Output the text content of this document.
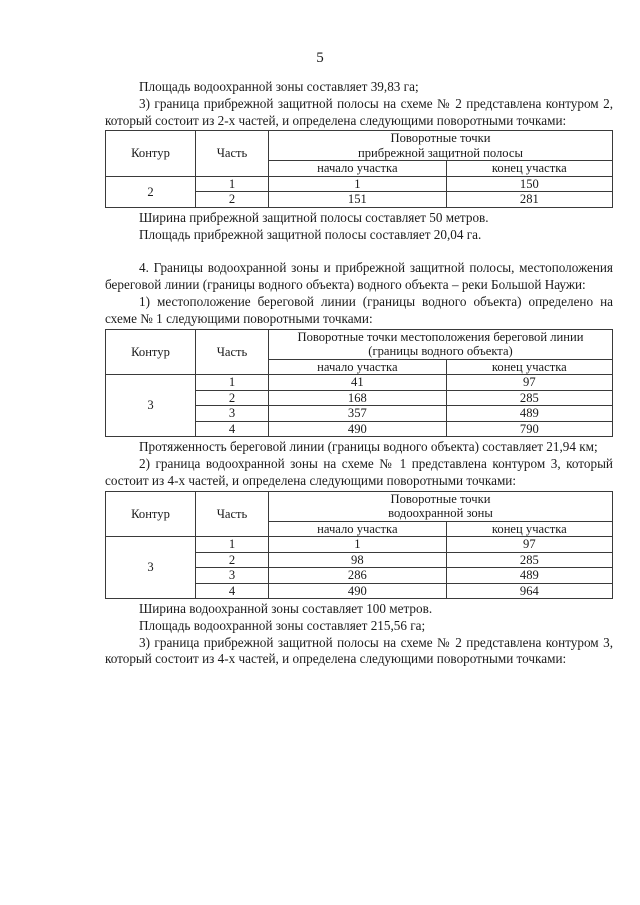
5

Площадь водоохранной зоны составляет 39,83 га;

3) граница прибрежной защитной полосы на схеме № 2 представлена контуром 2, который состоит из 2-х частей, и определена следующими поворотными точками:

Контур	Часть	Поворотные точки
прибрежной защитной полосы	
		начало участка	конец участка
2	1	1	150
	2	151	281

Ширина прибрежной защитной полосы составляет 50 метров.

Площадь прибрежной защитной полосы составляет 20,04 га.

4. Границы водоохранной зоны и прибрежной защитной полосы, местоположения береговой линии (границы водного объекта) водного объекта – реки Большой Наужи:

1) местоположение береговой линии (границы водного объекта) определено на схеме № 1 следующими поворотными точками:

Контур	Часть	Поворотные точки местоположения береговой линии
(границы водного объекта)	
		начало участка	конец участка
3	1	41	97
	2	168	285
	3	357	489
	4	490	790

Протяженность береговой линии (границы водного объекта) составляет 21,94 км;

2) граница водоохранной зоны на схеме № 1 представлена контуром 3, который состоит из 4-х частей, и определена следующими поворотными точками:

Контур	Часть	Поворотные точки
водоохранной зоны	
		начало участка	конец участка
3	1	1	97
	2	98	285
	3	286	489
	4	490	964

Ширина водоохранной зоны составляет 100 метров.

Площадь водоохранной зоны составляет 215,56 га;

3) граница прибрежной защитной полосы на схеме № 2 представлена контуром 3, который состоит из 4-х частей, и определена следующими поворотными точками:
